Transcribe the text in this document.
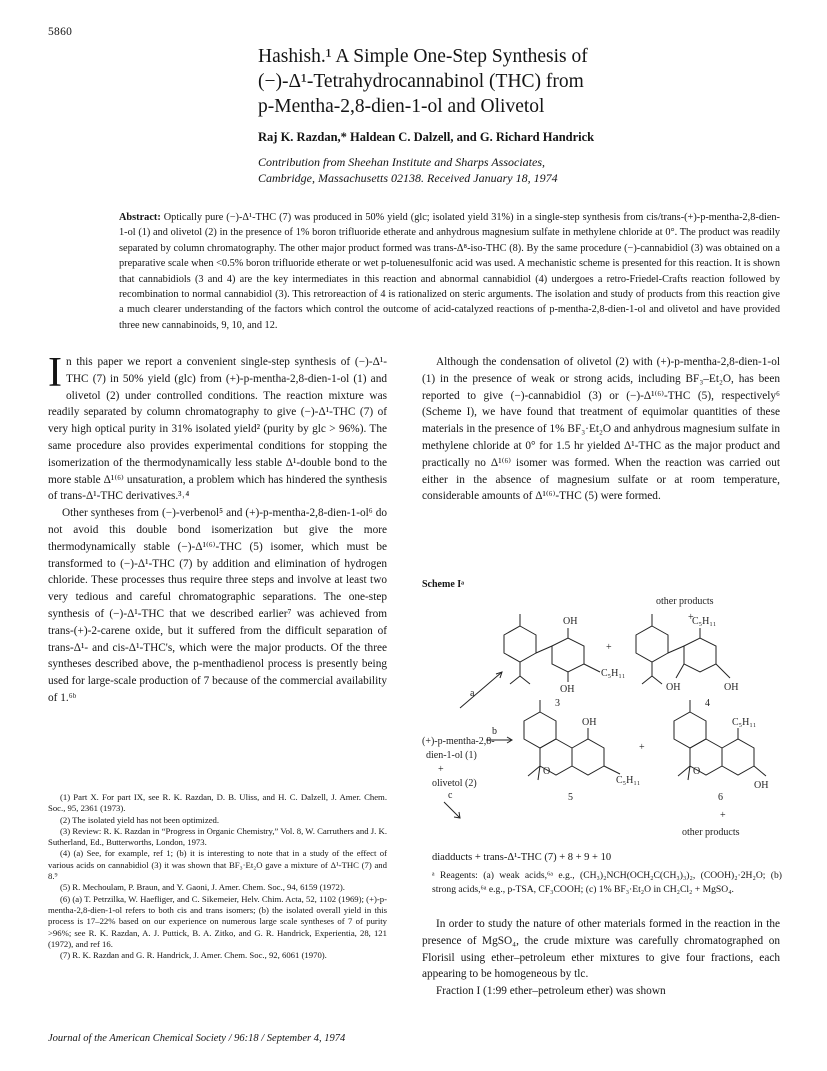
5860
Hashish.¹ A Simple One-Step Synthesis of
(−)-Δ¹-Tetrahydrocannabinol (THC) from
p-Mentha-2,8-dien-1-ol and Olivetol
Raj K. Razdan,* Haldean C. Dalzell, and G. Richard Handrick
Contribution from Sheehan Institute and Sharps Associates,
Cambridge, Massachusetts 02138. Received January 18, 1974
Abstract: Optically pure (−)-Δ¹-THC (7) was produced in 50% yield (glc; isolated yield 31%) in a single-step synthesis from cis/trans-(+)-p-mentha-2,8-dien-1-ol (1) and olivetol (2) in the presence of 1% boron trifluoride etherate and anhydrous magnesium sulfate in methylene chloride at 0°. The product was readily separated by column chromatography. The other major product formed was trans-Δ⁸-iso-THC (8). By the same procedure (−)-cannabidiol (3) was obtained on a preparative scale when <0.5% boron trifluoride etherate or wet p-toluenesulfonic acid was used. A mechanistic scheme is presented for this reaction. It is shown that cannabidiols (3 and 4) are the key intermediates in this reaction and abnormal cannabidiol (4) undergoes a retro-Friedel-Crafts reaction followed by recombination to normal cannabidiol (3). This retroreaction of 4 is rationalized on steric arguments. The isolation and study of products from this reaction give a much clearer understanding of the factors which control the outcome of acid-catalyzed reactions of p-mentha-2,8-dien-1-ol and olivetol and have provided three new cannabinoids, 9, 10, and 12.

I n this paper we report a convenient single-step synthesis of (−)-Δ¹-THC (7) in 50% yield (glc) from (+)-p-mentha-2,8-dien-1-ol (1) and olivetol (2) under controlled conditions. The reaction mixture was readily separated by column chromatography to give (−)-Δ¹-THC (7) of very high optical purity in 31% isolated yield² (purity by glc > 96%). The same procedure also provides experimental conditions for stopping the isomerization of the thermodynamically less stable Δ¹-double bond to the more stable Δ¹⁽⁶⁾ unsaturation, a problem which has hindered the synthesis of trans-Δ¹-THC derivatives.³˒⁴

Other syntheses from (−)-verbenol⁵ and (+)-p-mentha-2,8-dien-1-ol⁶ do not avoid this double bond isomerization but give the more thermodynamically stable (−)-Δ¹⁽⁶⁾-THC (5) isomer, which must be transformed to (−)-Δ¹-THC (7) by addition and elimination of hydrogen chloride. These processes thus require three steps and involve at least two very tedious and careful chromatographic separations. The one-step synthesis of (−)-Δ¹-THC that we described earlier⁷ was achieved from trans-(+)-2-carene oxide, but it suffered from the difficult separation of trans-Δ¹- and cis-Δ¹-THC's, which were the major products. Of the three syntheses described above, the p-menthadienol process is presently being used for large-scale production of 7 because of the commercial availability of 1.⁶ᵇ

(1) Part X. For part IX, see R. K. Razdan, D. B. Uliss, and H. C. Dalzell, J. Amer. Chem. Soc., 95, 2361 (1973).

(2) The isolated yield has not been optimized.

(3) Review: R. K. Razdan in “Progress in Organic Chemistry,” Vol. 8, W. Carruthers and J. K. Sutherland, Ed., Butterworths, London, 1973.

(4) (a) See, for example, ref 1; (b) it is interesting to note that in a study of the effect of various acids on cannabidiol (3) it was shown that BF₃·Et₂O gave a mixture of Δ¹-THC (7) and 8.⁹

(5) R. Mechoulam, P. Braun, and Y. Gaoni, J. Amer. Chem. Soc., 94, 6159 (1972).

(6) (a) T. Petrzilka, W. Haefliger, and C. Sikemeier, Helv. Chim. Acta, 52, 1102 (1969); (+)-p-mentha-2,8-dien-1-ol refers to both cis and trans isomers; (b) the isolated overall yield in this process is 17–22% based on our experience on numerous large scale syntheses of 7 of purity >96%; see R. K. Razdan, A. J. Puttick, B. A. Zitko, and G. R. Handrick, Experientia, 28, 121 (1972), and ref 16.

(7) R. K. Razdan and G. R. Handrick, J. Amer. Chem. Soc., 92, 6061 (1970).

Although the condensation of olivetol (2) with (+)-p-mentha-2,8-dien-1-ol (1) in the presence of weak or strong acids, including BF₃–Et₂O, has been reported to give (−)-cannabidiol (3) or (−)-Δ¹⁽⁶⁾-THC (5), respectively⁶ (Scheme I), we have found that treatment of equimolar quantities of these materials in the presence of 1% BF₃·Et₂O and anhydrous magnesium sulfate in methylene chloride at 0° for 1.5 hr yielded Δ¹-THC as the major product and practically no Δ¹⁽⁶⁾ isomer was formed. When the reaction was carried out either in the absence of magnesium sulfate or at room temperature, considerable amounts of Δ¹⁽⁶⁾-THC (5) were formed.

Scheme Iᵃ
other products
+
OH
C₅H₁₁
OH
+
C₅H₁₁
OH	OH
3	4
OH
O
C₅H₁₁
+
C₅H₁₁
O
OH
5	6
+
other products
a
b
c
(+)-p-mentha-2,8-
dien-1-ol (1)
+
olivetol (2)
diadducts + trans-Δ¹-THC (7) + 8 + 9 + 10
ᵃ Reagents: (a) weak acids,⁶ᵃ e.g., (CH₃)₂NCH(OCH₂C(CH₃)₃)₂, (COOH)₂·2H₂O; (b) strong acids,⁶ᵃ e.g., p-TSA, CF₃COOH; (c) 1% BF₃·Et₂O in CH₂Cl₂ + MgSO₄.

In order to study the nature of other materials formed in the reaction in the presence of MgSO₄, the crude mixture was carefully chromatographed on Florisil using ether–petroleum ether mixtures to give four fractions, each appearing to be homogeneous by tlc.

Fraction I (1:99 ether–petroleum ether) was shown

Journal of the American Chemical Society / 96:18 / September 4, 1974
